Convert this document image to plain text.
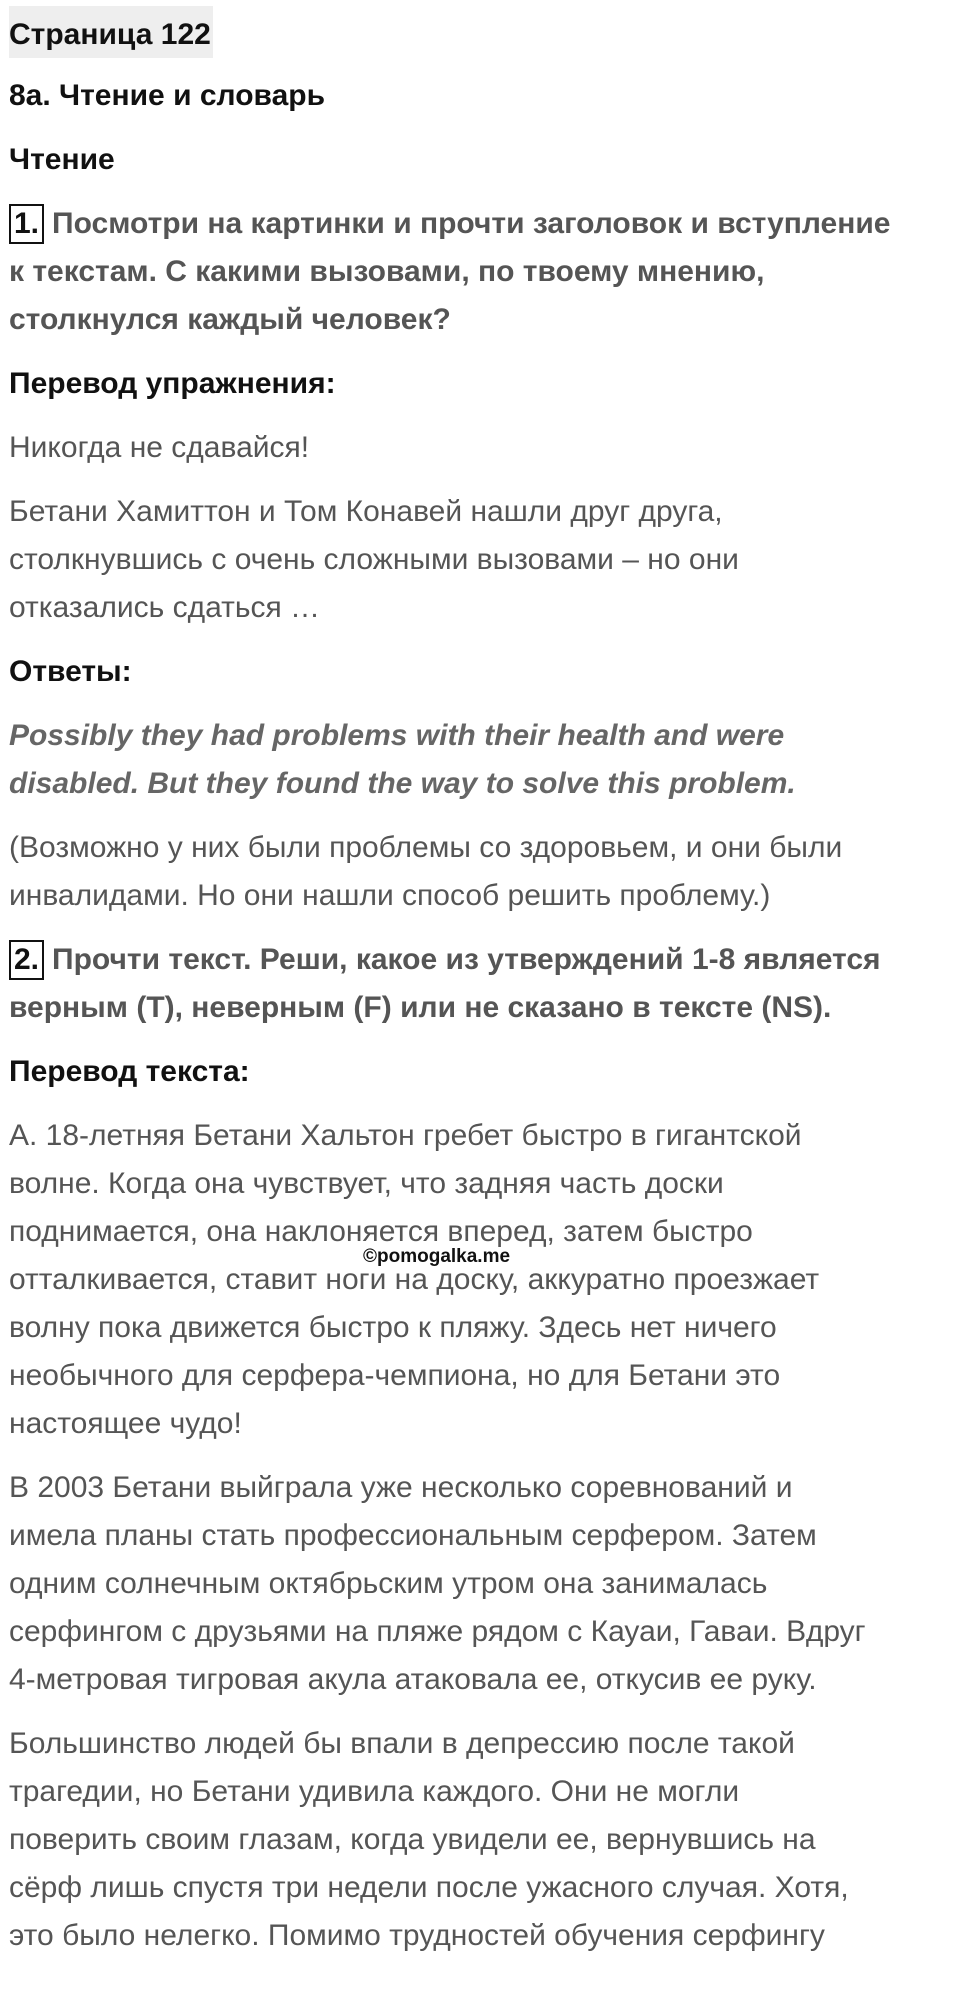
Страница 122
8a. Чтение и словарь
Чтение
1. Посмотри на картинки и прочти заголовок и вступление
к текстам. С какими вызовами, по твоему мнению,
столкнулся каждый человек?
Перевод упражнения:
Никогда не сдавайся!
Бетани Хамиттон и Том Конавей нашли друг друга,
столкнувшись с очень сложными вызовами – но они
отказались сдаться …
Ответы:
Possibly they had problems with their health and were
disabled. But they found the way to solve this problem.
(Возможно у них были проблемы со здоровьем, и они были
инвалидами. Но они нашли способ решить проблему.)
2. Прочти текст. Реши, какое из утверждений 1-8 является
верным (T), неверным (F) или не сказано в тексте (NS).
Перевод текста:
А. 18-летняя Бетани Хальтон гребет быстро в гигантской
волне. Когда она чувствует, что задняя часть доски
поднимается, она наклоняется вперед, затем быстро
отталкивается, ставит ноги на доску, аккуратно проезжает
волну пока движется быстро к пляжу. Здесь нет ничего
необычного для серфера-чемпиона, но для Бетани это
настоящее чудо!
В 2003 Бетани выйграла уже несколько соревнований и
имела планы стать профессиональным серфером. Затем
одним солнечным октябрьским утром она занималась
серфингом с друзьями на пляже рядом с Кауаи, Гаваи. Вдруг
4-метровая тигровая акула атаковала ее, откусив ее руку.
Большинство людей бы впали в депрессию после такой
трагедии, но Бетани удивила каждого. Они не могли
поверить своим глазам, когда увидели ее, вернувшись на
сёрф лишь спустя три недели после ужасного случая. Хотя,
это было нелегко. Помимо трудностей обучения серфингу
©pomogalka.me
